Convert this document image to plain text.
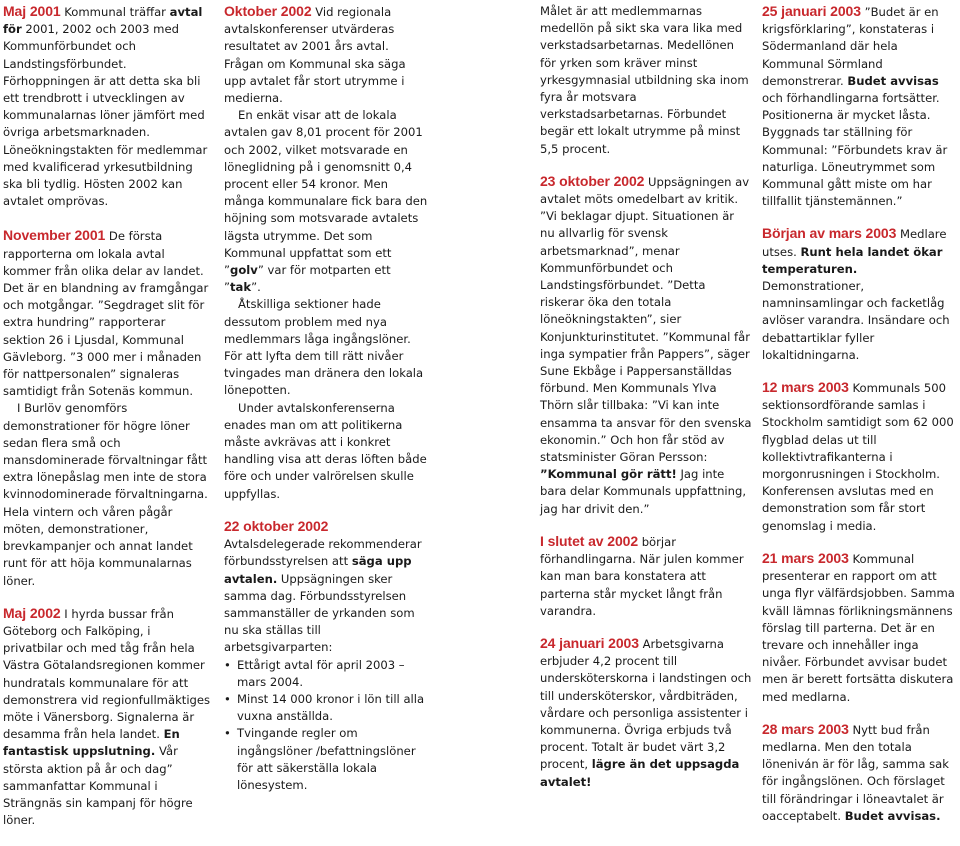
Maj 2001 Kommunal träffar avtal för 2001, 2002 och 2003 med Kommunförbundet och Landstingsförbundet. Förhoppningen är att detta ska bli ett trendbrott i utvecklingen av kommunalarnas löner jämfört med övriga arbetsmarknaden. Löneökningstakten för medlemmar med kvalificerad yrkesutbildning ska bli tydlig. Hösten 2002 kan avtalet omprövas.

November 2001 De första rapporterna om lokala avtal kommer från olika delar av landet. Det är en blandning av framgångar och motgångar. ”Segdraget slit för extra hundring” rapporterar sektion 26 i Ljusdal, Kommunal Gävleborg. ”3 000 mer i månaden för nattpersonalen” signaleras samtidigt från Sotenäs kommun.

I Burlöv genomförs demonstrationer för högre löner sedan flera små och mansdominerade förvaltningar fått extra lönepåslag men inte de stora kvinnodominerade förvaltningarna. Hela vintern och våren pågår möten, demonstrationer, brevkampanjer och annat landet runt för att höja kommunalarnas löner.

Maj 2002 I hyrda bussar från Göteborg och Falköping, i privatbilar och med tåg från hela Västra Götalandsregionen kommer hundratals kommunalare för att demonstrera vid regionfullmäktiges möte i Vänersborg. Signalerna är desamma från hela landet. En fantastisk uppslutning. Vår största aktion på år och dag” sammanfattar Kommunal i Strängnäs sin kampanj för högre löner.

Oktober 2002 Vid regionala avtalskonferenser utvärderas resultatet av 2001 års avtal. Frågan om Kommunal ska säga upp avtalet får stort utrymme i medierna.

En enkät visar att de lokala avtalen gav 8,01 procent för 2001 och 2002, vilket motsvarade en löneglidning på i genomsnitt 0,4 procent eller 54 kronor. Men många kommunalare fick bara den höjning som motsvarade avtalets lägsta utrymme. Det som Kommunal uppfattat som ett ”golv” var för motparten ett ”tak”.

Åtskilliga sektioner hade dessutom problem med nya medlemmars låga ingångslöner. För att lyfta dem till rätt nivåer tvingades man dränera den lokala lönepotten.

Under avtalskonferenserna enades man om att politikerna måste avkrävas att i konkret handling visa att deras löften både före och under valrörelsen skulle uppfyllas.

22 oktober 2002 Avtalsdelegerade rekommenderar förbundsstyrelsen att säga upp avtalen. Uppsägningen sker samma dag. Förbundsstyrelsen sammanställer de yrkanden som nu ska ställas till arbetsgivarparten:

• Ettårigt avtal för april 2003 – mars 2004.
• Minst 14 000 kronor i lön till alla vuxna anställda.
• Tvingande regler om ingångslöner /befattningslöner för att säkerställa lokala lönesystem.

Målet är att medlemmarnas medellön på sikt ska vara lika med verkstadsarbetarnas. Medellönen för yrken som kräver minst yrkesgymnasial utbildning ska inom fyra år motsvara verkstadsarbetarnas. Förbundet begär ett lokalt utrymme på minst 5,5 procent.

23 oktober 2002 Uppsägningen av avtalet möts omedelbart av kritik. ”Vi beklagar djupt. Situationen är nu allvarlig för svensk arbetsmarknad”, menar Kommunförbundet och Landstingsförbundet. ”Detta riskerar öka den totala löneökningstakten”, sier Konjunkturinstitutet. ”Kommunal får inga sympatier från Pappers”, säger Sune Ekbåge i Pappersanställdas förbund. Men Kommunals Ylva Thörn slår tillbaka: ”Vi kan inte ensamma ta ansvar för den svenska ekonomin.” Och hon får stöd av statsminister Göran Persson: ”Kommunal gör rätt! Jag inte bara delar Kommunals uppfattning, jag har drivit den.”

I slutet av 2002 börjar förhandlingarna. När julen kommer kan man bara konstatera att parterna står mycket långt från varandra.

24 januari 2003 Arbetsgivarna erbjuder 4,2 procent till undersköterskorna i landstingen och till undersköterskor, vårdbiträden, vårdare och personliga assistenter i kommunerna. Övriga erbjuds två procent. Totalt är budet värt 3,2 procent, lägre än det uppsagda avtalet!

25 januari 2003 ”Budet är en krigsförklaring”, konstateras i Södermanland där hela Kommunal Sörmland demonstrerar. Budet avvisas och förhandlingarna fortsätter. Positionerna är mycket låsta. Byggnads tar ställning för Kommunal: ”Förbundets krav är naturliga. Löneutrymmet som Kommunal gått miste om har tillfallit tjänstemännen.”

Början av mars 2003 Medlare utses. Runt hela landet ökar temperaturen. Demonstrationer, namninsamlingar och facketlåg avlöser varandra. Insändare och debattartiklar fyller lokaltidningarna.

12 mars 2003 Kommunals 500 sektionsordförande samlas i Stockholm samtidigt som 62 000 flygblad delas ut till kollektivtrafikanterna i morgonrusningen i Stockholm. Konferensen avslutas med en demonstration som får stort genomslag i media.

21 mars 2003 Kommunal presenterar en rapport om att unga flyr välfärdsjobben. Samma kväll lämnas förlikningsmännens förslag till parterna. Det är en trevare och innehåller inga nivåer. Förbundet avvisar budet men är berett fortsätta diskutera med medlarna.

28 mars 2003 Nytt bud från medlarna. Men den totala löneniván är för låg, samma sak för ingångslönen. Och förslaget till förändringar i löneavtalet är oacceptabelt. Budet avvisas.
